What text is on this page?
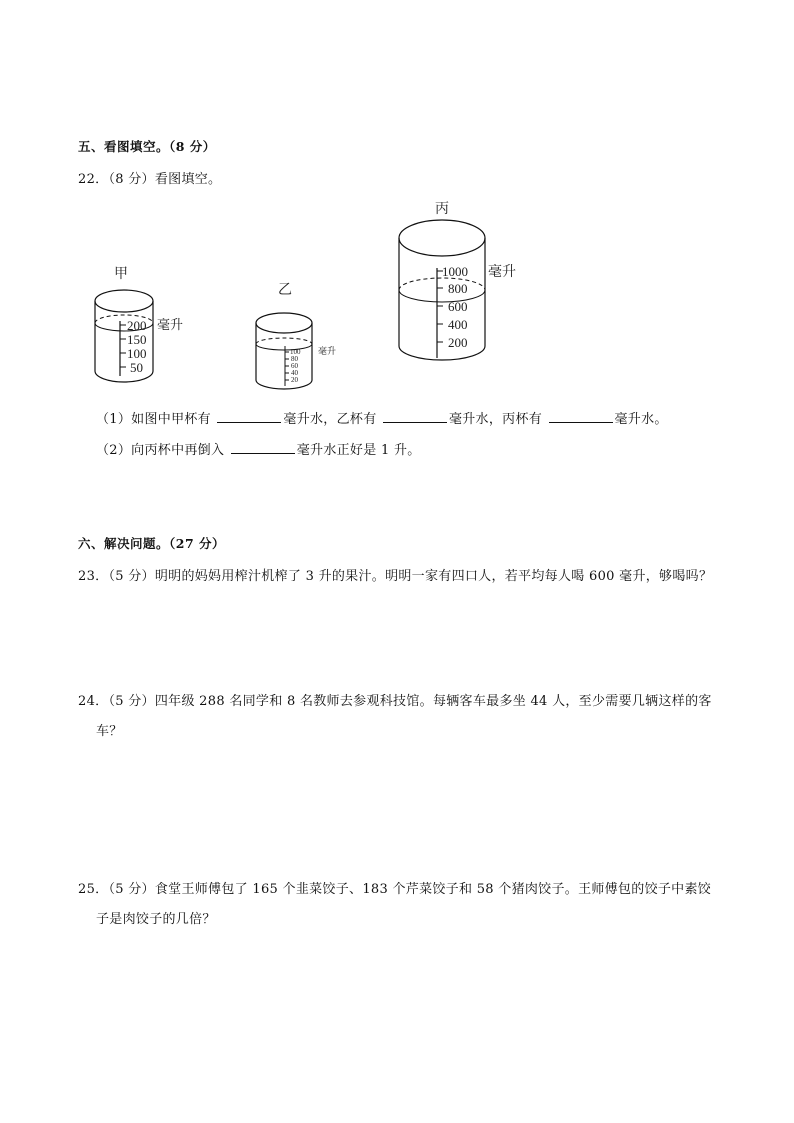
五、看图填空。（8 分）
22．（8 分）看图填空。
甲
200
150
100
50
毫升
乙
100
80
60
40
20
毫升
丙
1000
800
600
400
200
毫升
（1）如图中甲杯有	毫升水，乙杯有	毫升水，丙杯有	毫升水。
（2）向丙杯中再倒入	毫升水正好是 1 升。
六、解决问题。（27 分）
23．（5 分）明明的妈妈用榨汁机榨了 3 升的果汁。明明一家有四口人，若平均每人喝 600 毫升，够喝吗？
24．（5 分）四年级 288 名同学和 8 名教师去参观科技馆。每辆客车最多坐 44 人，至少需要几辆这样的客
车？
25．（5 分）食堂王师傅包了 165 个韭菜饺子、183 个芹菜饺子和 58 个猪肉饺子。王师傅包的饺子中素饺
子是肉饺子的几倍？
